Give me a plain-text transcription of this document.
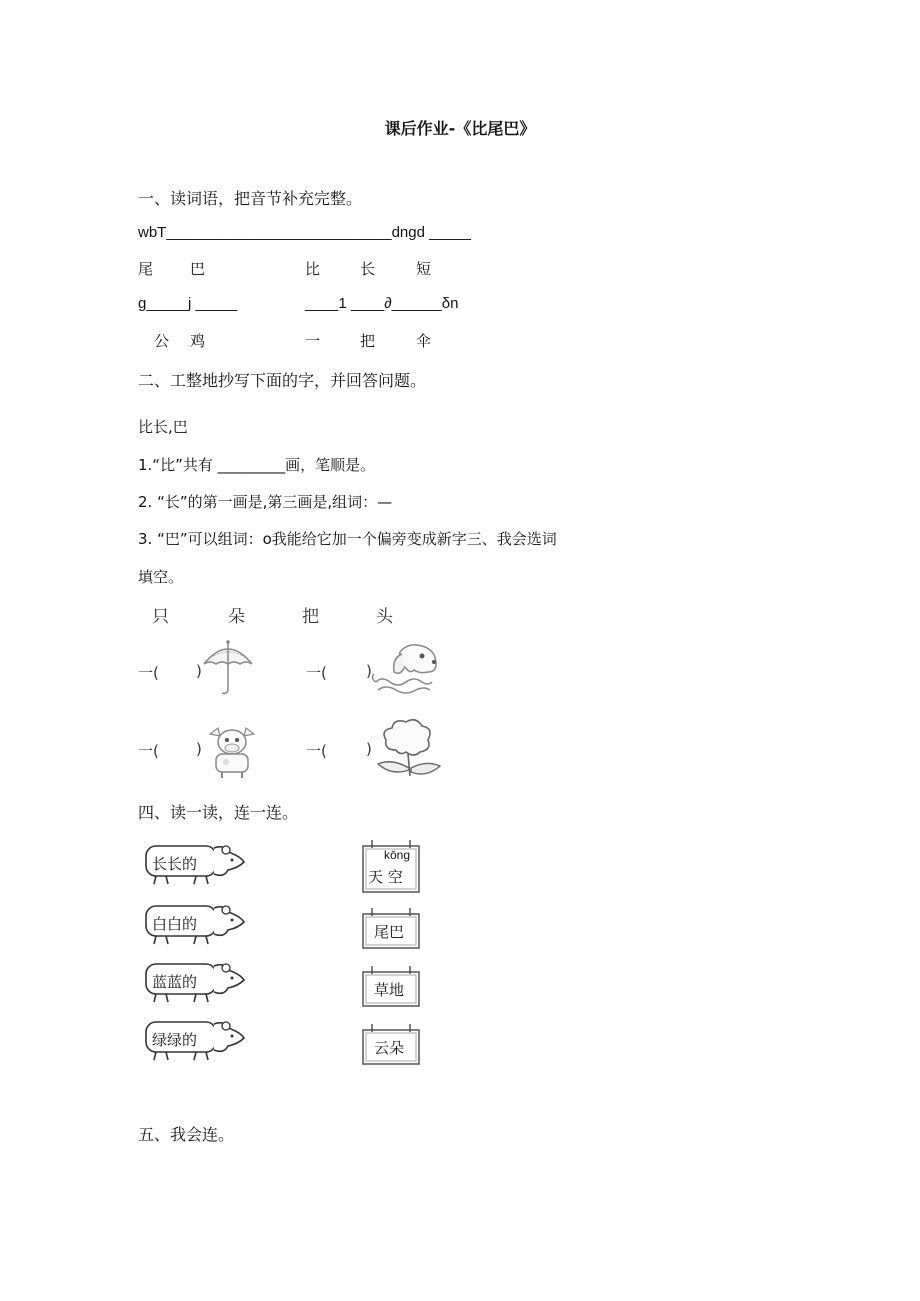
课后作业-《比尾巴》
一、读词语，把音节补充完整。
wbT___________________________dngd _____
尾 巴	比	长	短
g_____j _____	____1 ____∂______δn
公 鸡	一	把	伞
二、工整地抄写下面的字，并回答问题。
比长,巴
1.“比”共有 _________画，笔顺是。
2. “长”的第一画是,第三画是,组词：—
3. “巴”可以组词：o我能给它加一个偏旁变成新字三、我会选词
填空。
只	朵	把	头
一( )	一(	)
一( )	一(	)
四、读一读，连一连。
长长的
白白的
蓝蓝的
绿绿的
kōng
天 空
尾巴
草地
云朵
五、我会连。
